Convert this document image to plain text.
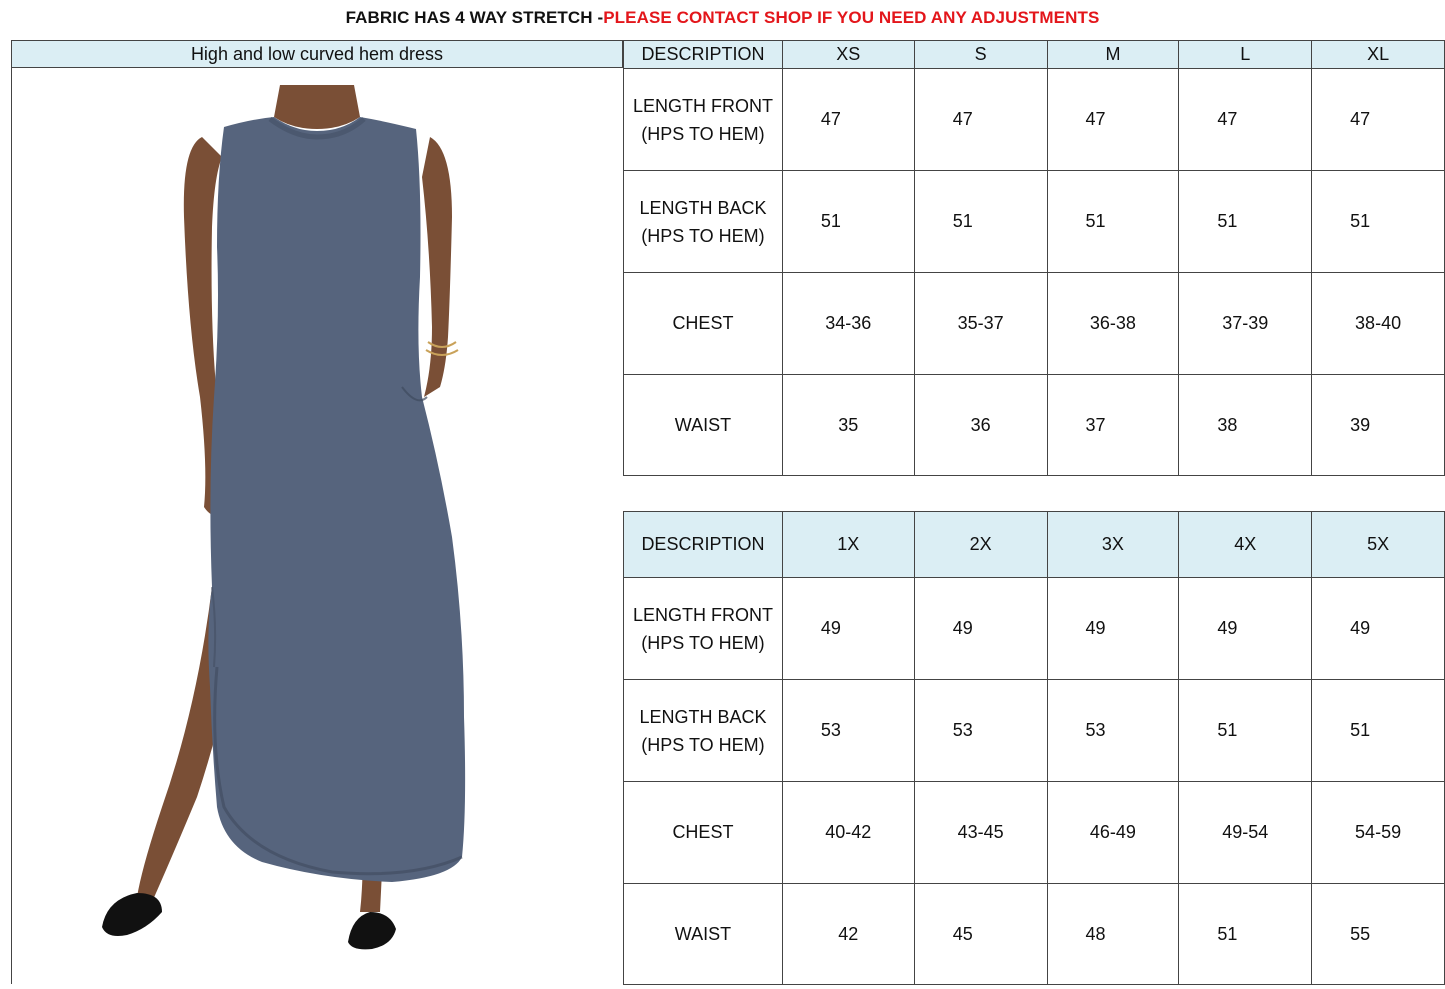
FABRIC HAS 4 WAY STRETCH -PLEASE CONTACT SHOP IF YOU NEED ANY ADJUSTMENTS
High and low curved hem dress	DESCRIPTION	XS	S	M	L	XL
LENGTH FRONT
(HPS TO HEM)	47	47	47	47	47
LENGTH BACK
(HPS TO HEM)	51	51	51	51	51
CHEST	34-36	35-37	36-38	37-39	38-40
WAIST	35	36	37	38	39
DESCRIPTION	1X	2X	3X	4X	5X
LENGTH FRONT
(HPS TO HEM)	49	49	49	49	49
LENGTH BACK
(HPS TO HEM)	53	53	53	51	51
CHEST	40-42	43-45	46-49	49-54	54-59
WAIST	42	45	48	51	55
